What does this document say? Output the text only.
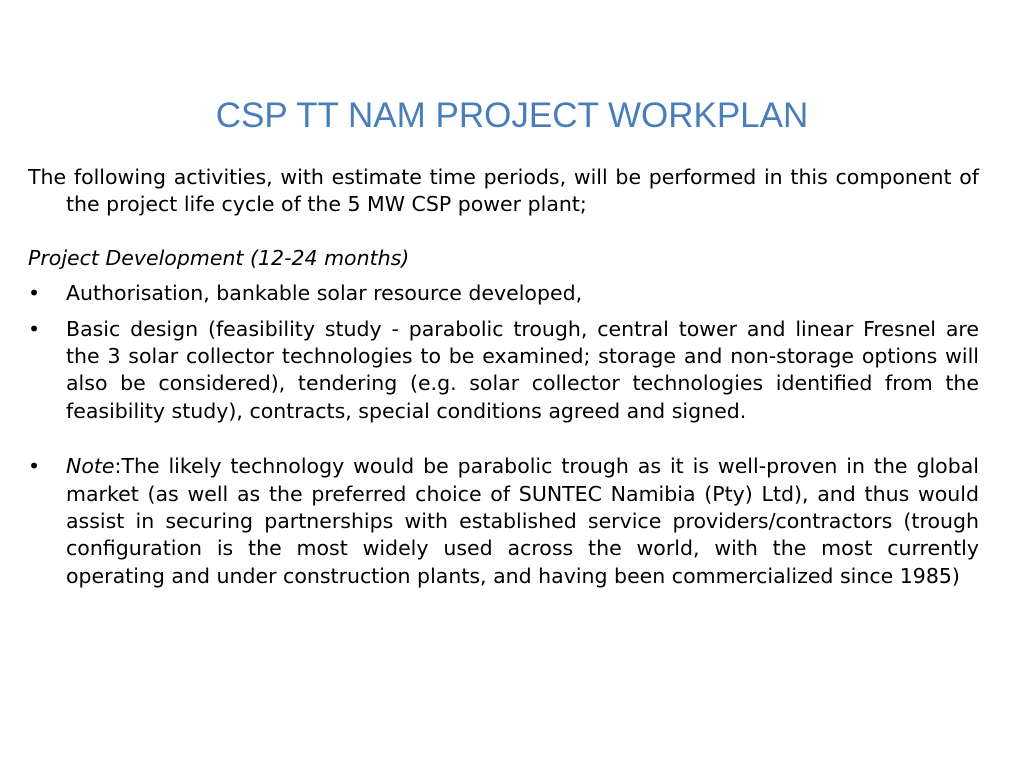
CSP TT NAM PROJECT WORKPLAN

The following activities, with estimate time periods, will be performed in this component of the project life cycle of the 5 MW CSP power plant;

Project Development (12-24 months)

• Authorisation, bankable solar resource developed,
• Basic design (feasibility study - parabolic trough, central tower and linear Fresnel are the 3 solar collector technologies to be examined; storage and non-storage options will also be considered), tendering (e.g. solar collector technologies identified from the feasibility study), contracts, special conditions agreed and signed.
• Note:The likely technology would be parabolic trough as it is well-proven in the global market (as well as the preferred choice of SUNTEC Namibia (Pty) Ltd), and thus would assist in securing partnerships with established service providers/contractors (trough configuration is the most widely used across the world, with the most currently operating and under construction plants, and having been commercialized since 1985)
